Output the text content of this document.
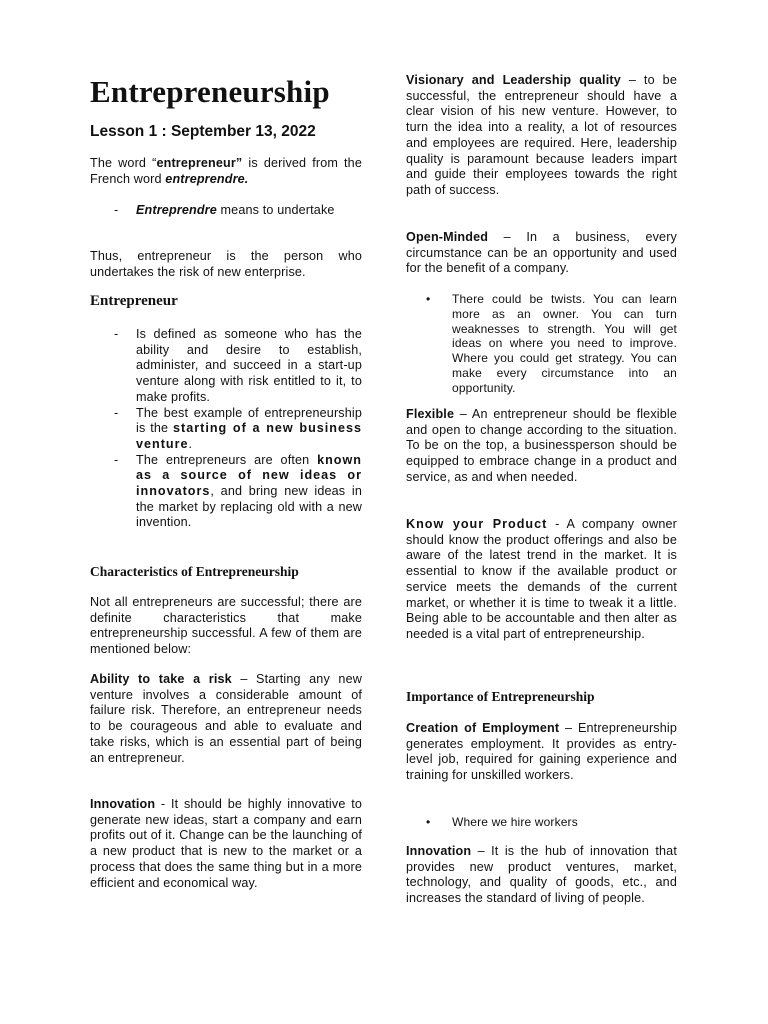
Entrepreneurship
Lesson 1 : September 13, 2022

The word “entrepreneur” is derived from the French word entreprendre.

- Entreprendre means to undertake

Thus, entrepreneur is the person who undertakes the risk of new enterprise.

Entrepreneur
- Is defined as someone who has the ability and desire to establish, administer, and succeed in a start-up venture along with risk entitled to it, to make profits.
- The best example of entrepreneurship is the starting of a new business venture.
- The entrepreneurs are often known as a source of new ideas or innovators, and bring new ideas in the market by replacing old with a new invention.
Characteristics of Entrepreneurship

Not all entrepreneurs are successful; there are definite characteristics that make entrepreneurship successful. A few of them are mentioned below:

Ability to take a risk – Starting any new venture involves a considerable amount of failure risk. Therefore, an entrepreneur needs to be courageous and able to evaluate and take risks, which is an essential part of being an entrepreneur.

Innovation - It should be highly innovative to generate new ideas, start a company and earn profits out of it. Change can be the launching of a new product that is new to the market or a process that does the same thing but in a more efficient and economical way.

Visionary and Leadership quality – to be successful, the entrepreneur should have a clear vision of his new venture. However, to turn the idea into a reality, a lot of resources and employees are required. Here, leadership quality is paramount because leaders impart and guide their employees towards the right path of success.

Open-Minded – In a business, every circumstance can be an opportunity and used for the benefit of a company.

• There could be twists. You can learn more as an owner. You can turn weaknesses to strength. You will get ideas on where you need to improve. Where you could get strategy. You can make every circumstance into an opportunity.

Flexible – An entrepreneur should be flexible and open to change according to the situation. To be on the top, a businessperson should be equipped to embrace change in a product and service, as and when needed.

Know your Product - A company owner should know the product offerings and also be aware of the latest trend in the market. It is essential to know if the available product or service meets the demands of the current market, or whether it is time to tweak it a little. Being able to be accountable and then alter as needed is a vital part of entrepreneurship.

Importance of Entrepreneurship

Creation of Employment – Entrepreneurship generates employment. It provides as entry-level job, required for gaining experience and training for unskilled workers.

• Where we hire workers

Innovation – It is the hub of innovation that provides new product ventures, market, technology, and quality of goods, etc., and increases the standard of living of people.
